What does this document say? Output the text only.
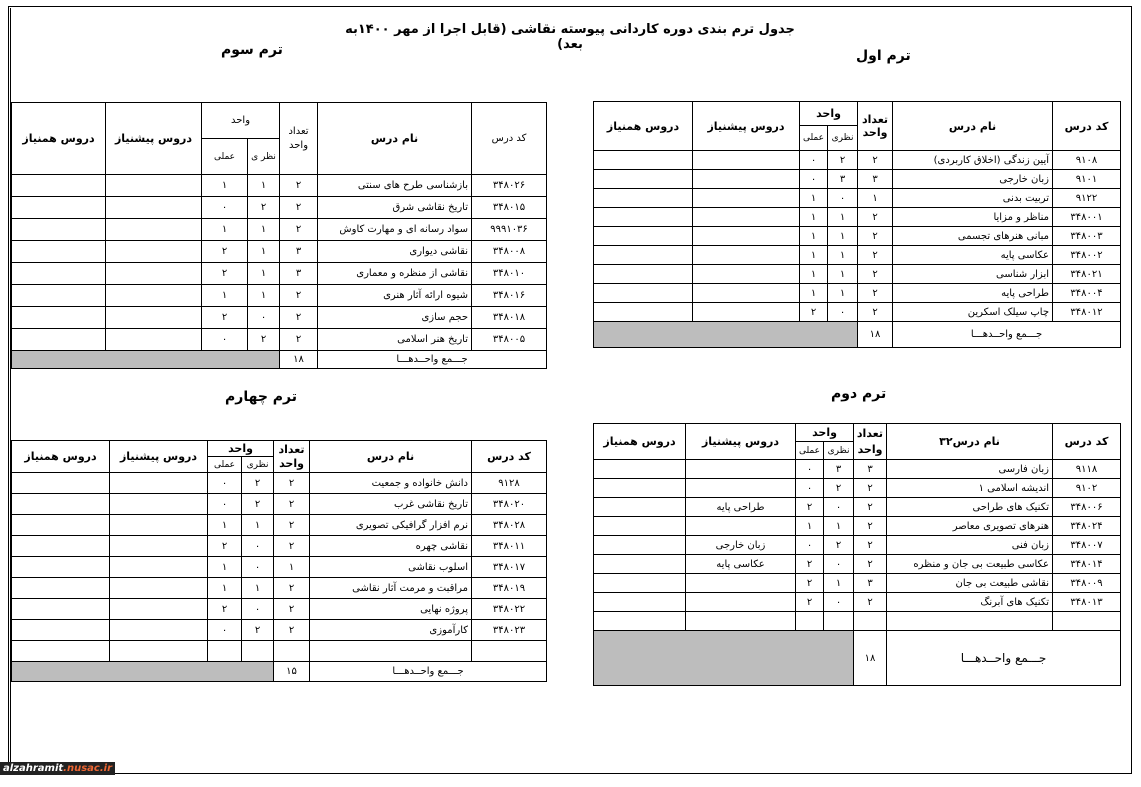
جدول ترم بندی دوره کاردانی پیوسته نقاشی (قابل اجرا از مهر ۱۴۰۰به بعد)
ترم اول
ترم سوم
ترم دوم
ترم چهارم
کد درس	نام درس	تعداد واحد	واحد		دروس پیشنیاز	دروس همنیاز
			نظری	عملی		
۹۱۰۸	آیین زندگی (اخلاق کاربردی)	۲	۲	۰		
۹۱۰۱	زبان خارجی	۳	۳	۰		
۹۱۲۲	تربیت بدنی	۱	۰	۱		
۳۴۸۰۰۱	مناظر و مزایا	۲	۱	۱		
۳۴۸۰۰۳	مبانی هنرهای تجسمی	۲	۱	۱		
۳۴۸۰۰۲	عکاسی پایه	۲	۱	۱		
۳۴۸۰۲۱	ابزار شناسی	۲	۱	۱		
۳۴۸۰۰۴	طراحی پایه	۲	۱	۱		
۳۴۸۰۱۲	چاپ سیلک اسکرین	۲	۰	۲		
جـــمع واحــدهـــا		۱۸				
کد درس	نام درس	تعداد واحد	واحد		دروس پیشنیاز	دروس همنیاز
			نظر ی	عملی		
۳۴۸۰۲۶	بازشناسی طرح های سنتی	۲	۱	۱		
۳۴۸۰۱۵	تاریخ نقاشی شرق	۲	۲	۰		
۹۹۹۱۰۳۶	سواد رسانه ای و مهارت کاوش	۲	۱	۱		
۳۴۸۰۰۸	نقاشی دیواری	۳	۱	۲		
۳۴۸۰۱۰	نقاشی از منظره و معماری	۳	۱	۲		
۳۴۸۰۱۶	شیوه ارائه آثار هنری	۲	۱	۱		
۳۴۸۰۱۸	حجم سازی	۲	۰	۲		
۳۴۸۰۰۵	تاریخ هنر اسلامی	۲	۲	۰		
جـــمع واحــدهـــا		۱۸				
کد درس	نام درس۳۲	تعداد واحد	واحد		دروس پیشنیاز	دروس همنیاز
			نظری	عملی		
۹۱۱۸	زبان فارسی	۳	۳	۰		
۹۱۰۲	اندیشه اسلامی ۱	۲	۲	۰		
۳۴۸۰۰۶	تکنیک های طراحی	۲	۰	۲	طراحی پایه	
۳۴۸۰۲۴	هنرهای تصویری معاصر	۲	۱	۱		
۳۴۸۰۰۷	زبان فنی	۲	۲	۰	زبان خارجی	
۳۴۸۰۱۴	عکاسی طبیعت بی جان و منظره	۲	۰	۲	عکاسی پایه	
۳۴۸۰۰۹	نقاشی طبیعت بی جان	۳	۱	۲		
۳۴۸۰۱۳	تکنیک های آبرنگ	۲	۰	۲		

جـــمع واحــدهـــا		۱۸				
کد درس	نام درس	تعداد واحد	واحد		دروس پیشنیاز	دروس همنیاز
			نظری	عملی		
۹۱۲۸	دانش خانواده و جمعیت	۲	۲	۰		
۳۴۸۰۲۰	تاریخ نقاشی غرب	۲	۲	۰		
۳۴۸۰۲۸	نرم افزار گرافیکی تصویری	۲	۱	۱		
۳۴۸۰۱۱	نقاشی چهره	۲	۰	۲		
۳۴۸۰۱۷	اسلوب نقاشی	۱	۰	۱		
۳۴۸۰۱۹	مراقبت و مرمت آثار نقاشی	۲	۱	۱		
۳۴۸۰۲۲	پروژه نهایی	۲	۰	۲		
۳۴۸۰۲۳	کارآموزی	۲	۲	۰		

جـــمع واحــدهـــا		۱۵				
alzahramit.nusac.ir
